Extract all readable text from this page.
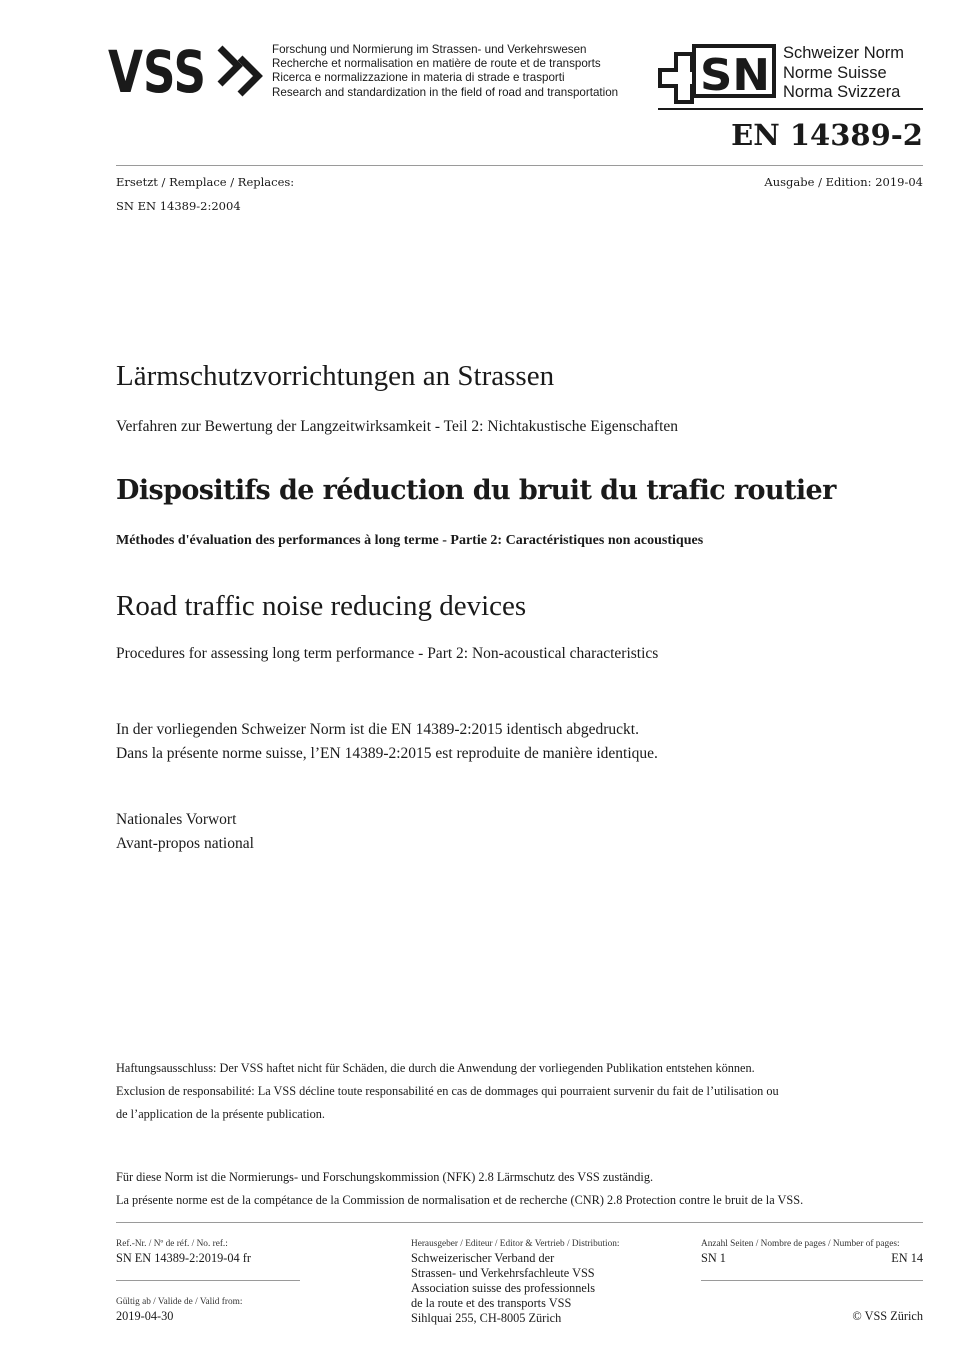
VSS	Forschung und Normierung im Strassen- und Verkehrswesen
Recherche et normalisation en matière de route et de transports
Ricerca e normalizzazione in materia di strade e trasporti
Research and standardization in the field of road and transportation SN Schweizer Norm
Norme Suisse
Norma Svizzera
EN 14389-2
Ersetzt / Remplace / Replaces:	Ausgabe / Edition: 2019-04
SN EN 14389-2:2004
Lärmschutzvorrichtungen an Strassen
Verfahren zur Bewertung der Langzeitwirksamkeit - Teil 2: Nichtakustische Eigenschaften
Dispositifs de réduction du bruit du trafic routier
Méthodes d'évaluation des performances à long terme - Partie 2: Caractéristiques non acoustiques
Road traffic noise reducing devices
Procedures for assessing long term performance - Part 2: Non-acoustical characteristics
In der vorliegenden Schweizer Norm ist die EN 14389-2:2015 identisch abgedruckt.
Dans la présente norme suisse, l’EN 14389-2:2015 est reproduite de manière identique.
Nationales Vorwort
Avant-propos national
Haftungsausschluss: Der VSS haftet nicht für Schäden, die durch die Anwendung der vorliegenden Publikation entstehen können.
Exclusion de responsabilité: La VSS décline toute responsabilité en cas de dommages qui pourraient survenir du fait de l’utilisation ou
de l’application de la présente publication.
Für diese Norm ist die Normierungs- und Forschungskommission (NFK) 2.8 Lärmschutz des VSS zuständig.
La présente norme est de la compétance de la Commission de normalisation et de recherche (CNR) 2.8 Protection contre le bruit de la VSS.
Ref.-Nr. / Nº de réf. / No. ref.:
SN EN 14389-2:2019-04 fr
Gültig ab / Valide de / Valid from:
2019-04-30
Herausgeber / Editeur / Editor & Vertrieb / Distribution:
Schweizerischer Verband der
Strassen- und Verkehrsfachleute VSS
Association suisse des professionnels
de la route et des transports VSS
Sihlquai 255, CH-8005 Zürich
Anzahl Seiten / Nombre de pages / Number of pages:
SN 1	EN 14
© VSS Zürich
